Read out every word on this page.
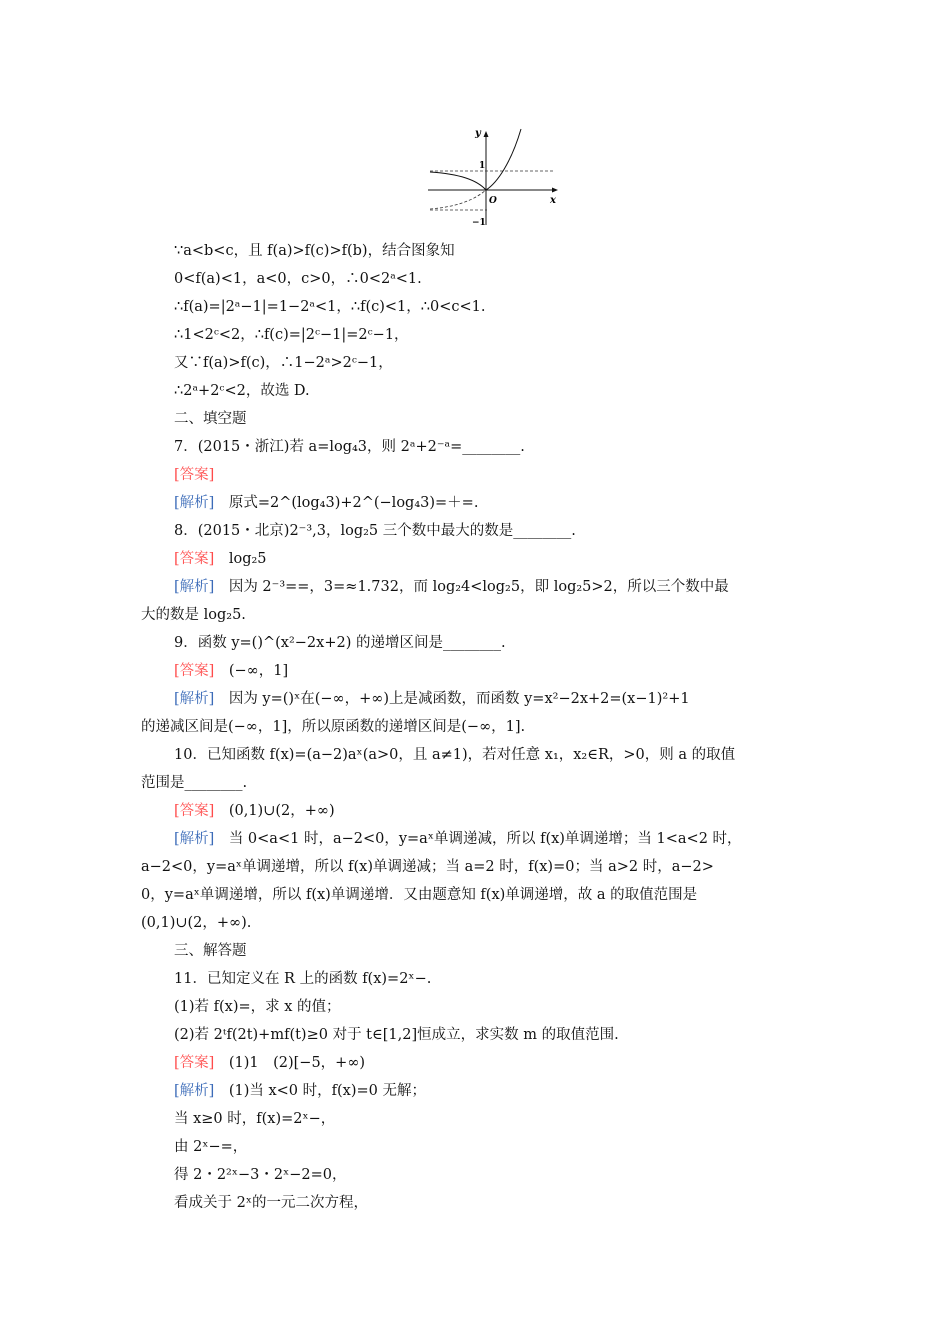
y
x
1
O
−1
∵a<b<c，且 f(a)>f(c)>f(b)，结合图象知
0<f(a)<1，a<0，c>0，∴0<2ᵃ<1.
∴f(a)=|2ᵃ−1|=1−2ᵃ<1，∴f(c)<1，∴0<c<1.
∴1<2ᶜ<2，∴f(c)=|2ᶜ−1|=2ᶜ−1，
又∵f(a)>f(c)，∴1−2ᵃ>2ᶜ−1，
∴2ᵃ+2ᶜ<2，故选 D.
二、填空题
7．(2015・浙江)若 a=log₄3，则 2ᵃ+2⁻ᵃ=________.
[答案]
[解析]　原式=2^(log₄3)+2^(−log₄3)=＋=.
8．(2015・北京)2⁻³,3，log₂5 三个数中最大的数是________.
[答案]　log₂5
[解析]　因为 2⁻³==，3=≈1.732，而 log₂4<log₂5，即 log₂5>2，所以三个数中最
大的数是 log₂5.
9．函数 y=()^(x²−2x+2) 的递增区间是________.
[答案]　(−∞，1]
[解析]　因为 y=()ˣ在(−∞，+∞)上是减函数，而函数 y=x²−2x+2=(x−1)²+1
的递减区间是(−∞，1]，所以原函数的递增区间是(−∞，1].
10．已知函数 f(x)=(a−2)aˣ(a>0，且 a≠1)，若对任意 x₁，x₂∈R，>0，则 a 的取值
范围是________.
[答案]　(0,1)∪(2，+∞)
[解析]　当 0<a<1 时，a−2<0，y=aˣ单调递减，所以 f(x)单调递增；当 1<a<2 时，
a−2<0，y=aˣ单调递增，所以 f(x)单调递减；当 a=2 时，f(x)=0；当 a>2 时，a−2>
0，y=aˣ单调递增，所以 f(x)单调递增．又由题意知 f(x)单调递增，故 a 的取值范围是
(0,1)∪(2，+∞).
三、解答题
11．已知定义在 R 上的函数 f(x)=2ˣ−.
(1)若 f(x)=，求 x 的值；
(2)若 2ᵗf(2t)+mf(t)≥0 对于 t∈[1,2]恒成立，求实数 m 的取值范围.
[答案]　(1)1　(2)[−5，+∞)
[解析]　(1)当 x<0 时，f(x)=0 无解；
当 x≥0 时，f(x)=2ˣ−，
由 2ˣ−=，
得 2・2²ˣ−3・2ˣ−2=0，
看成关于 2ˣ的一元二次方程，
